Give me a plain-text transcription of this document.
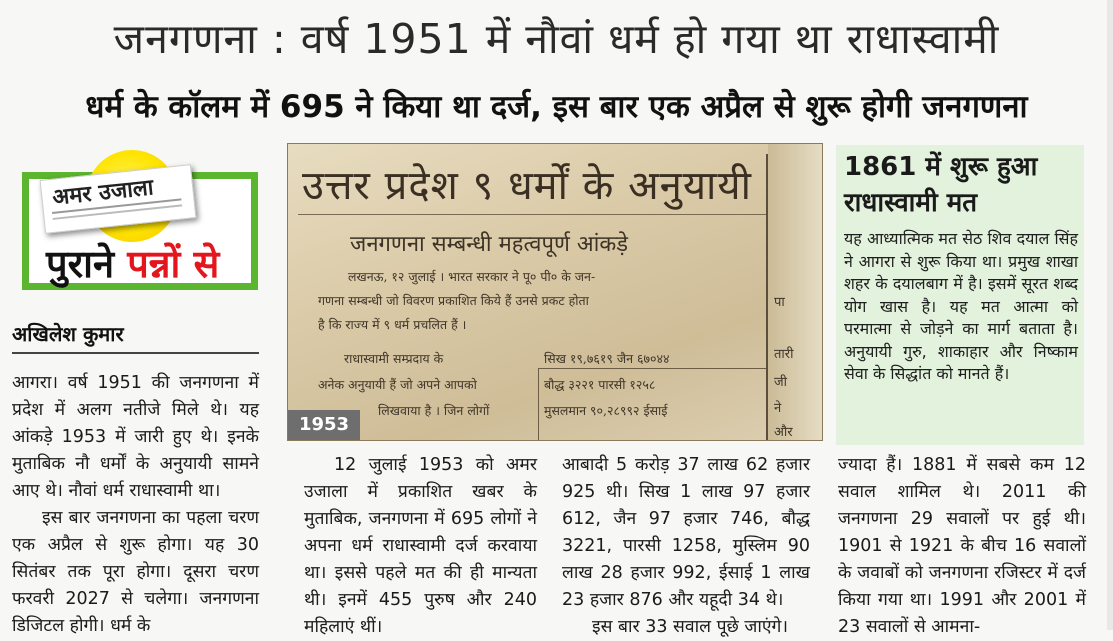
जनगणना : वर्ष 1951 में नौवां धर्म हो गया था राधास्वामी
धर्म के कॉलम में 695 ने किया था दर्ज, इस बार एक अप्रैल से शुरू होगी जनगणना
अमर उजाला
पुराने पन्नों से
अखिलेश कुमार
उत्तर प्रदेश ९ धर्मों के अनुयायी
जनगणना सम्बन्धी महत्वपूर्ण आंकड़े
लखनऊ, १२ जुलाई । भारत सरकार ने पू० पी० के जन-
गणना सम्बन्धी जो विवरण प्रकाशित किये हैं उनसे प्रकट होता
है कि राज्य में ९ धर्म प्रचलित हैं ।
राधास्वामी सम्प्रदाय के
अनेक अनुयायी हैं जो अपने आपको
लिखवाया है । जिन लोगों
सिख १९,७६१९ जैन ६७०४४
बौद्ध ३२२१ पारसी १२५८
मुसलमान ९०,२८९९२ ईसाई
पा
तारी
जी
ने
और
1953
1861 में शुरू हुआ राधास्वामी मत
यह आध्यात्मिक मत सेठ शिव दयाल सिंह ने आगरा से शुरू किया था। प्रमुख शाखा शहर के दयालबाग में है। इसमें सूरत शब्द योग खास है। यह मत आत्मा को परमात्मा से जोड़ने का मार्ग बताता है। अनुयायी गुरु, शाकाहार और निष्काम सेवा के सिद्धांत को मानते हैं।

आगरा। वर्ष 1951 की जनगणना में प्रदेश में अलग नतीजे मिले थे। यह आंकड़े 1953 में जारी हुए थे। इनके मुताबिक नौ धर्मों के अनुयायी सामने आए थे। नौवां धर्म राधास्वामी था।

इस बार जनगणना का पहला चरण एक अप्रैल से शुरू होगा। यह 30 सितंबर तक पूरा होगा। दूसरा चरण फरवरी 2027 से चलेगा। जनगणना डिजिटल होगी। धर्म के

12 जुलाई 1953 को अमर उजाला में प्रकाशित खबर के मुताबिक, जनगणना में 695 लोगों ने अपना धर्म राधास्वामी दर्ज करवाया था। इससे पहले मत की ही मान्यता थी। इनमें 455 पुरुष और 240 महिलाएं थीं।

आबादी 5 करोड़ 37 लाख 62 हजार 925 थी। सिख 1 लाख 97 हजार 612, जैन 97 हजार 746, बौद्ध 3221, पारसी 1258, मुस्लिम 90 लाख 28 हजार 992, ईसाई 1 लाख 23 हजार 876 और यहूदी 34 थे।

इस बार 33 सवाल पूछे जाएंगे।

ज्यादा हैं। 1881 में सबसे कम 12 सवाल शामिल थे। 2011 की जनगणना 29 सवालों पर हुई थी। 1901 से 1921 के बीच 16 सवालों के जवाबों को जनगणना रजिस्टर में दर्ज किया गया था। 1991 और 2001 में 23 सवालों से आमना-
